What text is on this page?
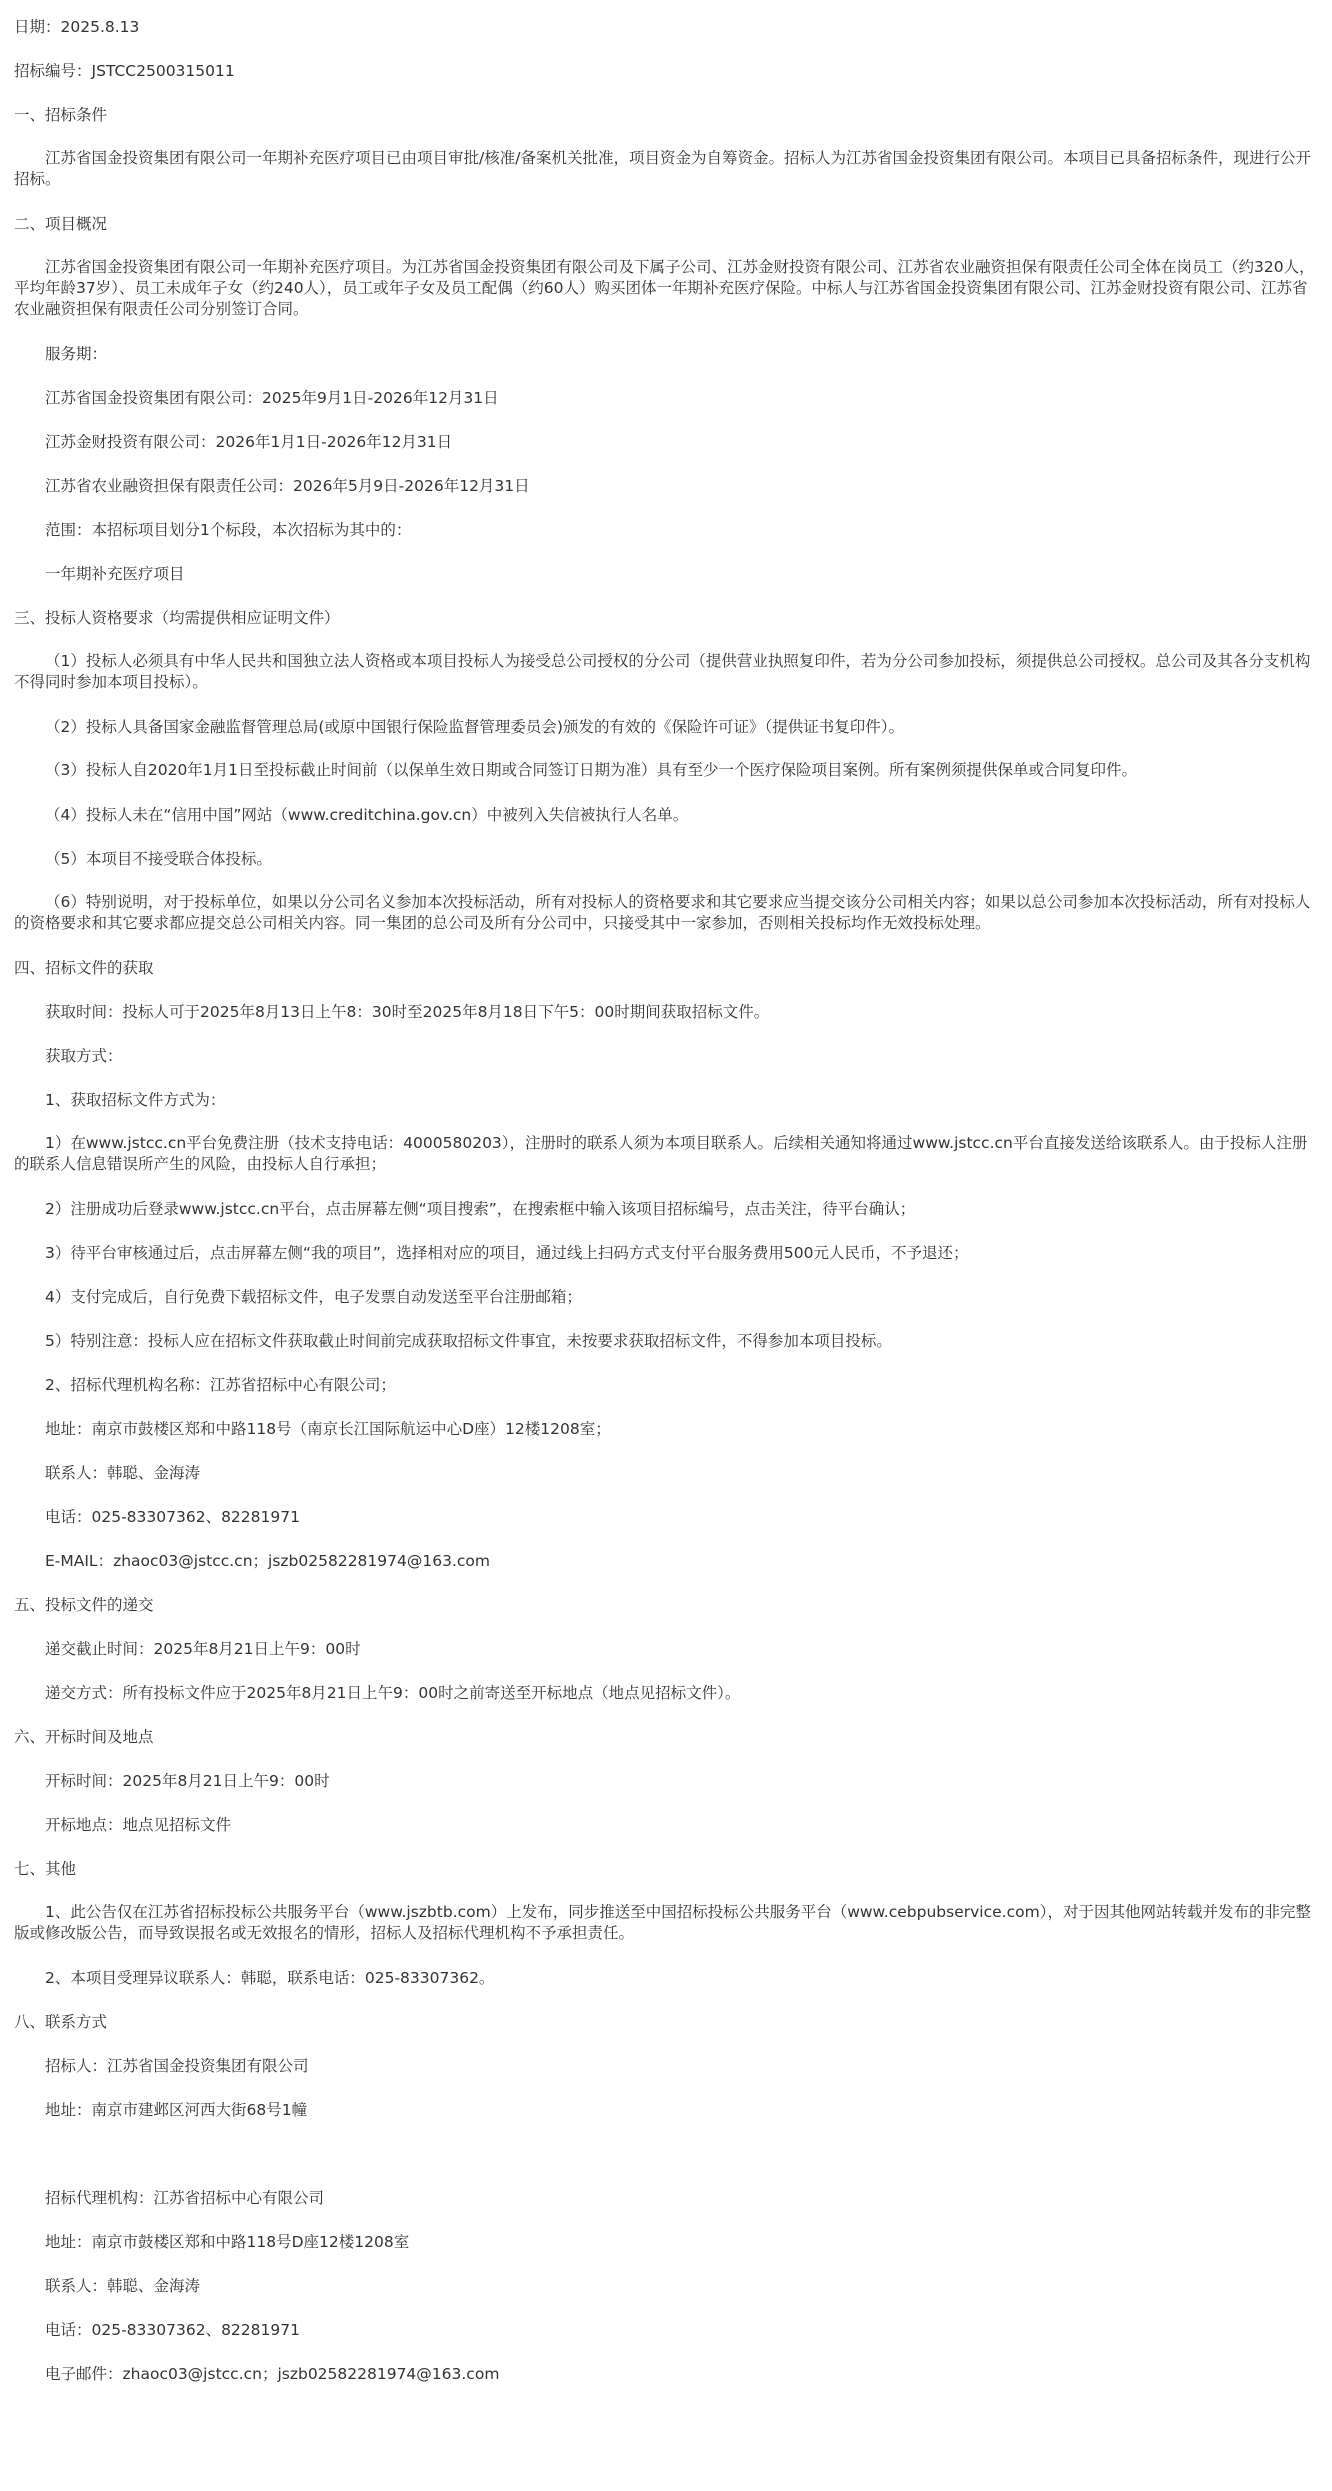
日期：2025.8.13

招标编号：JSTCC2500315011

一、招标条件

江苏省国金投资集团有限公司一年期补充医疗项目已由项目审批/核准/备案机关批准，项目资金为自筹资金。招标人为江苏省国金投资集团有限公司。本项目已具备招标条件，现进行公开招标。

二、项目概况

江苏省国金投资集团有限公司一年期补充医疗项目。为江苏省国金投资集团有限公司及下属子公司、江苏金财投资有限公司、江苏省农业融资担保有限责任公司全体在岗员工（约320人，平均年龄37岁）、员工未成年子女（约240人），员工或年子女及员工配偶（约60人）购买团体一年期补充医疗保险。中标人与江苏省国金投资集团有限公司、江苏金财投资有限公司、江苏省农业融资担保有限责任公司分别签订合同。

服务期：

江苏省国金投资集团有限公司：2025年9月1日-2026年12月31日

江苏金财投资有限公司：2026年1月1日-2026年12月31日

江苏省农业融资担保有限责任公司：2026年5月9日-2026年12月31日

范围：本招标项目划分1个标段，本次招标为其中的：

一年期补充医疗项目

三、投标人资格要求（均需提供相应证明文件）

（1）投标人必须具有中华人民共和国独立法人资格或本项目投标人为接受总公司授权的分公司（提供营业执照复印件，若为分公司参加投标，须提供总公司授权。总公司及其各分支机构不得同时参加本项目投标）。

（2）投标人具备国家金融监督管理总局(或原中国银行保险监督管理委员会)颁发的有效的《保险许可证》（提供证书复印件）。

（3）投标人自2020年1月1日至投标截止时间前（以保单生效日期或合同签订日期为准）具有至少一个医疗保险项目案例。所有案例须提供保单或合同复印件。

（4）投标人未在“信用中国”网站（www.creditchina.gov.cn）中被列入失信被执行人名单。

（5）本项目不接受联合体投标。

（6）特别说明，对于投标单位，如果以分公司名义参加本次投标活动，所有对投标人的资格要求和其它要求应当提交该分公司相关内容；如果以总公司参加本次投标活动，所有对投标人的资格要求和其它要求都应提交总公司相关内容。同一集团的总公司及所有分公司中，只接受其中一家参加，否则相关投标均作无效投标处理。

四、招标文件的获取

获取时间：投标人可于2025年8月13日上午8：30时至2025年8月18日下午5：00时期间获取招标文件。

获取方式：

1、获取招标文件方式为：

1）在www.jstcc.cn平台免费注册（技术支持电话：4000580203），注册时的联系人须为本项目联系人。后续相关通知将通过www.jstcc.cn平台直接发送给该联系人。由于投标人注册的联系人信息错误所产生的风险，由投标人自行承担；

2）注册成功后登录www.jstcc.cn平台，点击屏幕左侧“项目搜索”，在搜索框中输入该项目招标编号，点击关注，待平台确认；

3）待平台审核通过后，点击屏幕左侧“我的项目”，选择相对应的项目，通过线上扫码方式支付平台服务费用500元人民币，不予退还；

4）支付完成后，自行免费下载招标文件，电子发票自动发送至平台注册邮箱；

5）特别注意：投标人应在招标文件获取截止时间前完成获取招标文件事宜，未按要求获取招标文件，不得参加本项目投标。

2、招标代理机构名称：江苏省招标中心有限公司；

地址：南京市鼓楼区郑和中路118号（南京长江国际航运中心D座）12楼1208室；

联系人：韩聪、金海涛

电话：025-83307362、82281971

E-MAIL：zhaoc03@jstcc.cn；jszb02582281974@163.com

五、投标文件的递交

递交截止时间：2025年8月21日上午9：00时

递交方式：所有投标文件应于2025年8月21日上午9：00时之前寄送至开标地点（地点见招标文件）。

六、开标时间及地点

开标时间：2025年8月21日上午9：00时

开标地点：地点见招标文件

七、其他

1、此公告仅在江苏省招标投标公共服务平台（www.jszbtb.com）上发布，同步推送至中国招标投标公共服务平台（www.cebpubservice.com），对于因其他网站转载并发布的非完整版或修改版公告，而导致误报名或无效报名的情形，招标人及招标代理机构不予承担责任。

2、本项目受理异议联系人：韩聪，联系电话：025-83307362。

八、联系方式

招标人：江苏省国金投资集团有限公司

地址：南京市建邺区河西大街68号1幢

招标代理机构：江苏省招标中心有限公司

地址：南京市鼓楼区郑和中路118号D座12楼1208室

联系人：韩聪、金海涛

电话：025-83307362、82281971

电子邮件：zhaoc03@jstcc.cn；jszb02582281974@163.com
